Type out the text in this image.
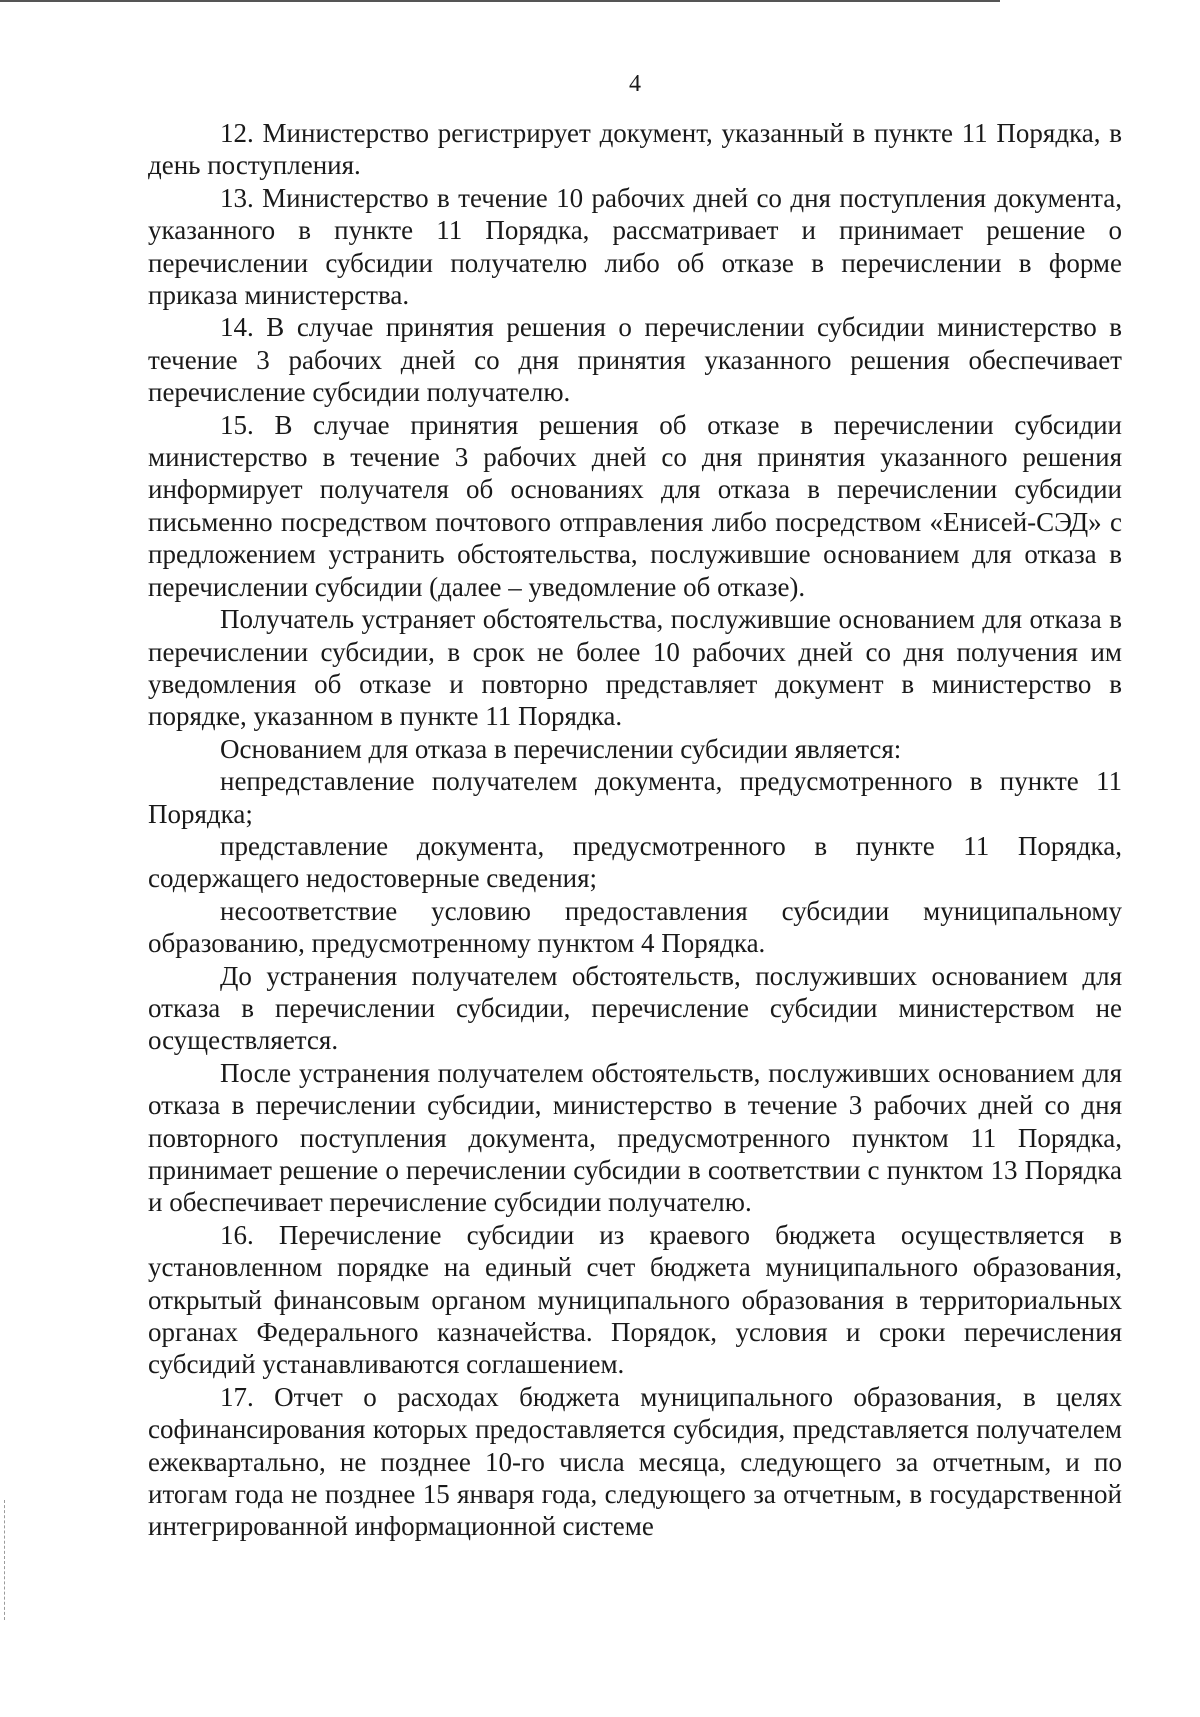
4

12. Министерство регистрирует документ, указанный в пункте 11 Порядка, в день поступления.

13. Министерство в течение 10 рабочих дней со дня поступления документа, указанного в пункте 11 Порядка, рассматривает и принимает решение о перечислении субсидии получателю либо об отказе в перечислении в форме приказа министерства.

14. В случае принятия решения о перечислении субсидии министерство в течение 3 рабочих дней со дня принятия указанного решения обеспечивает перечисление субсидии получателю.

15. В случае принятия решения об отказе в перечислении субсидии министерство в течение 3 рабочих дней со дня принятия указанного решения информирует получателя об основаниях для отказа в перечислении субсидии письменно посредством почтового отправления либо посредством «Енисей-СЭД» с предложением устранить обстоятельства, послужившие основанием для отказа в перечислении субсидии (далее – уведомление об отказе).

Получатель устраняет обстоятельства, послужившие основанием для отказа в перечислении субсидии, в срок не более 10 рабочих дней со дня получения им уведомления об отказе и повторно представляет документ в министерство в порядке, указанном в пункте 11 Порядка.

Основанием для отказа в перечислении субсидии является:

непредставление получателем документа, предусмотренного в пункте 11 Порядка;

представление документа, предусмотренного в пункте 11 Порядка, содержащего недостоверные сведения;

несоответствие условию предоставления субсидии муниципальному образованию, предусмотренному пунктом 4 Порядка.

До устранения получателем обстоятельств, послуживших основанием для отказа в перечислении субсидии, перечисление субсидии министерством не осуществляется.

После устранения получателем обстоятельств, послуживших основанием для отказа в перечислении субсидии, министерство в течение 3 рабочих дней со дня повторного поступления документа, предусмотренного пунктом 11 Порядка, принимает решение о перечислении субсидии в соответствии с пунктом 13 Порядка и обеспечивает перечисление субсидии получателю.

16. Перечисление субсидии из краевого бюджета осуществляется в установленном порядке на единый счет бюджета муниципального образования, открытый финансовым органом муниципального образования в территориальных органах Федерального казначейства. Порядок, условия и сроки перечисления субсидий устанавливаются соглашением.

17. Отчет о расходах бюджета муниципального образования, в целях софинансирования которых предоставляется субсидия, представляется получателем ежеквартально, не позднее 10-го числа месяца, следующего за отчетным, и по итогам года не позднее 15 января года, следующего за отчетным, в государственной интегрированной информационной системе
